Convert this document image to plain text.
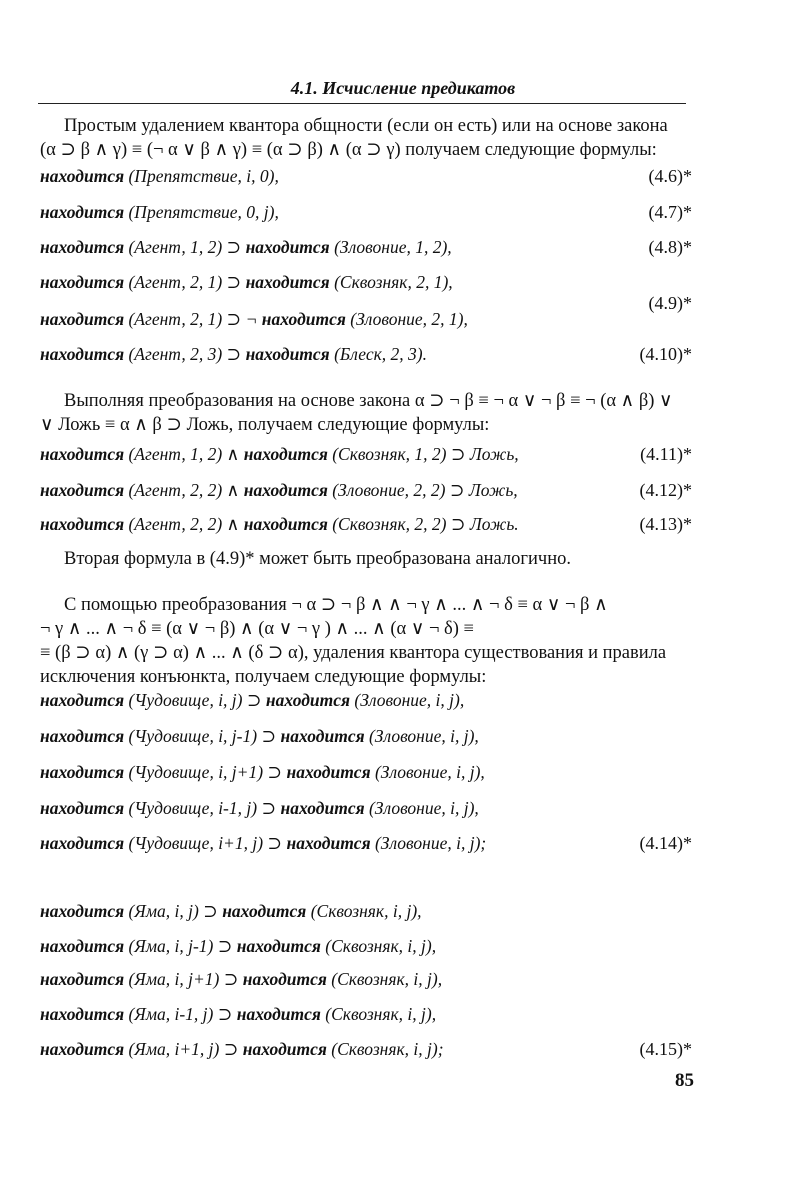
4.1. Исчисление предикатов
Простым удалением квантора общности (если он есть) или на основе закона
(α ⊃ β ∧ γ) ≡ (¬ α ∨ β ∧ γ) ≡ (α ⊃ β) ∧ (α ⊃ γ) получаем следующие формулы:
находится (Препятствие, i, 0),	(4.6)*
находится (Препятствие, 0, j),	(4.7)*
находится (Агент, 1, 2) ⊃ находится (Зловоние, 1, 2),	(4.8)*
находится (Агент, 2, 1) ⊃ находится (Сквозняк, 2, 1),
(4.9)*
находится (Агент, 2, 1) ⊃ ¬ находится (Зловоние, 2, 1),
находится (Агент, 2, 3) ⊃ находится (Блеск, 2, 3).	(4.10)*
Выполняя преобразования на основе закона α ⊃ ¬ β ≡ ¬ α ∨ ¬ β ≡ ¬ (α ∧ β) ∨
∨ Ложь ≡ α ∧ β ⊃ Ложь, получаем следующие формулы:
находится (Агент, 1, 2) ∧ находится (Сквозняк, 1, 2) ⊃ Ложь,	(4.11)*
находится (Агент, 2, 2) ∧ находится (Зловоние, 2, 2) ⊃ Ложь,	(4.12)*
находится (Агент, 2, 2) ∧ находится (Сквозняк, 2, 2) ⊃ Ложь.	(4.13)*
Вторая формула в (4.9)* может быть преобразована аналогично.
С помощью преобразования ¬ α ⊃ ¬ β ∧ ∧ ¬ γ ∧ ... ∧ ¬ δ ≡ α ∨ ¬ β ∧
¬ γ ∧ ... ∧ ¬ δ ≡ (α ∨ ¬ β) ∧ (α ∨ ¬ γ ) ∧ ... ∧ (α ∨ ¬ δ) ≡
≡ (β ⊃ α) ∧ (γ ⊃ α) ∧ ... ∧ (δ ⊃ α), удаления квантора существования и правила
исключения конъюнкта, получаем следующие формулы:
находится (Чудовище, i, j) ⊃ находится (Зловоние, i, j),
находится (Чудовище, i, j-1) ⊃ находится (Зловоние, i, j),
находится (Чудовище, i, j+1) ⊃ находится (Зловоние, i, j),
находится (Чудовище, i-1, j) ⊃ находится (Зловоние, i, j),
находится (Чудовище, i+1, j) ⊃ находится (Зловоние, i, j);	(4.14)*
находится (Яма, i, j) ⊃ находится (Сквозняк, i, j),
находится (Яма, i, j-1) ⊃ находится (Сквозняк, i, j),
находится (Яма, i, j+1) ⊃ находится (Сквозняк, i, j),
находится (Яма, i-1, j) ⊃ находится (Сквозняк, i, j),
находится (Яма, i+1, j) ⊃ находится (Сквозняк, i, j);	(4.15)*
85
